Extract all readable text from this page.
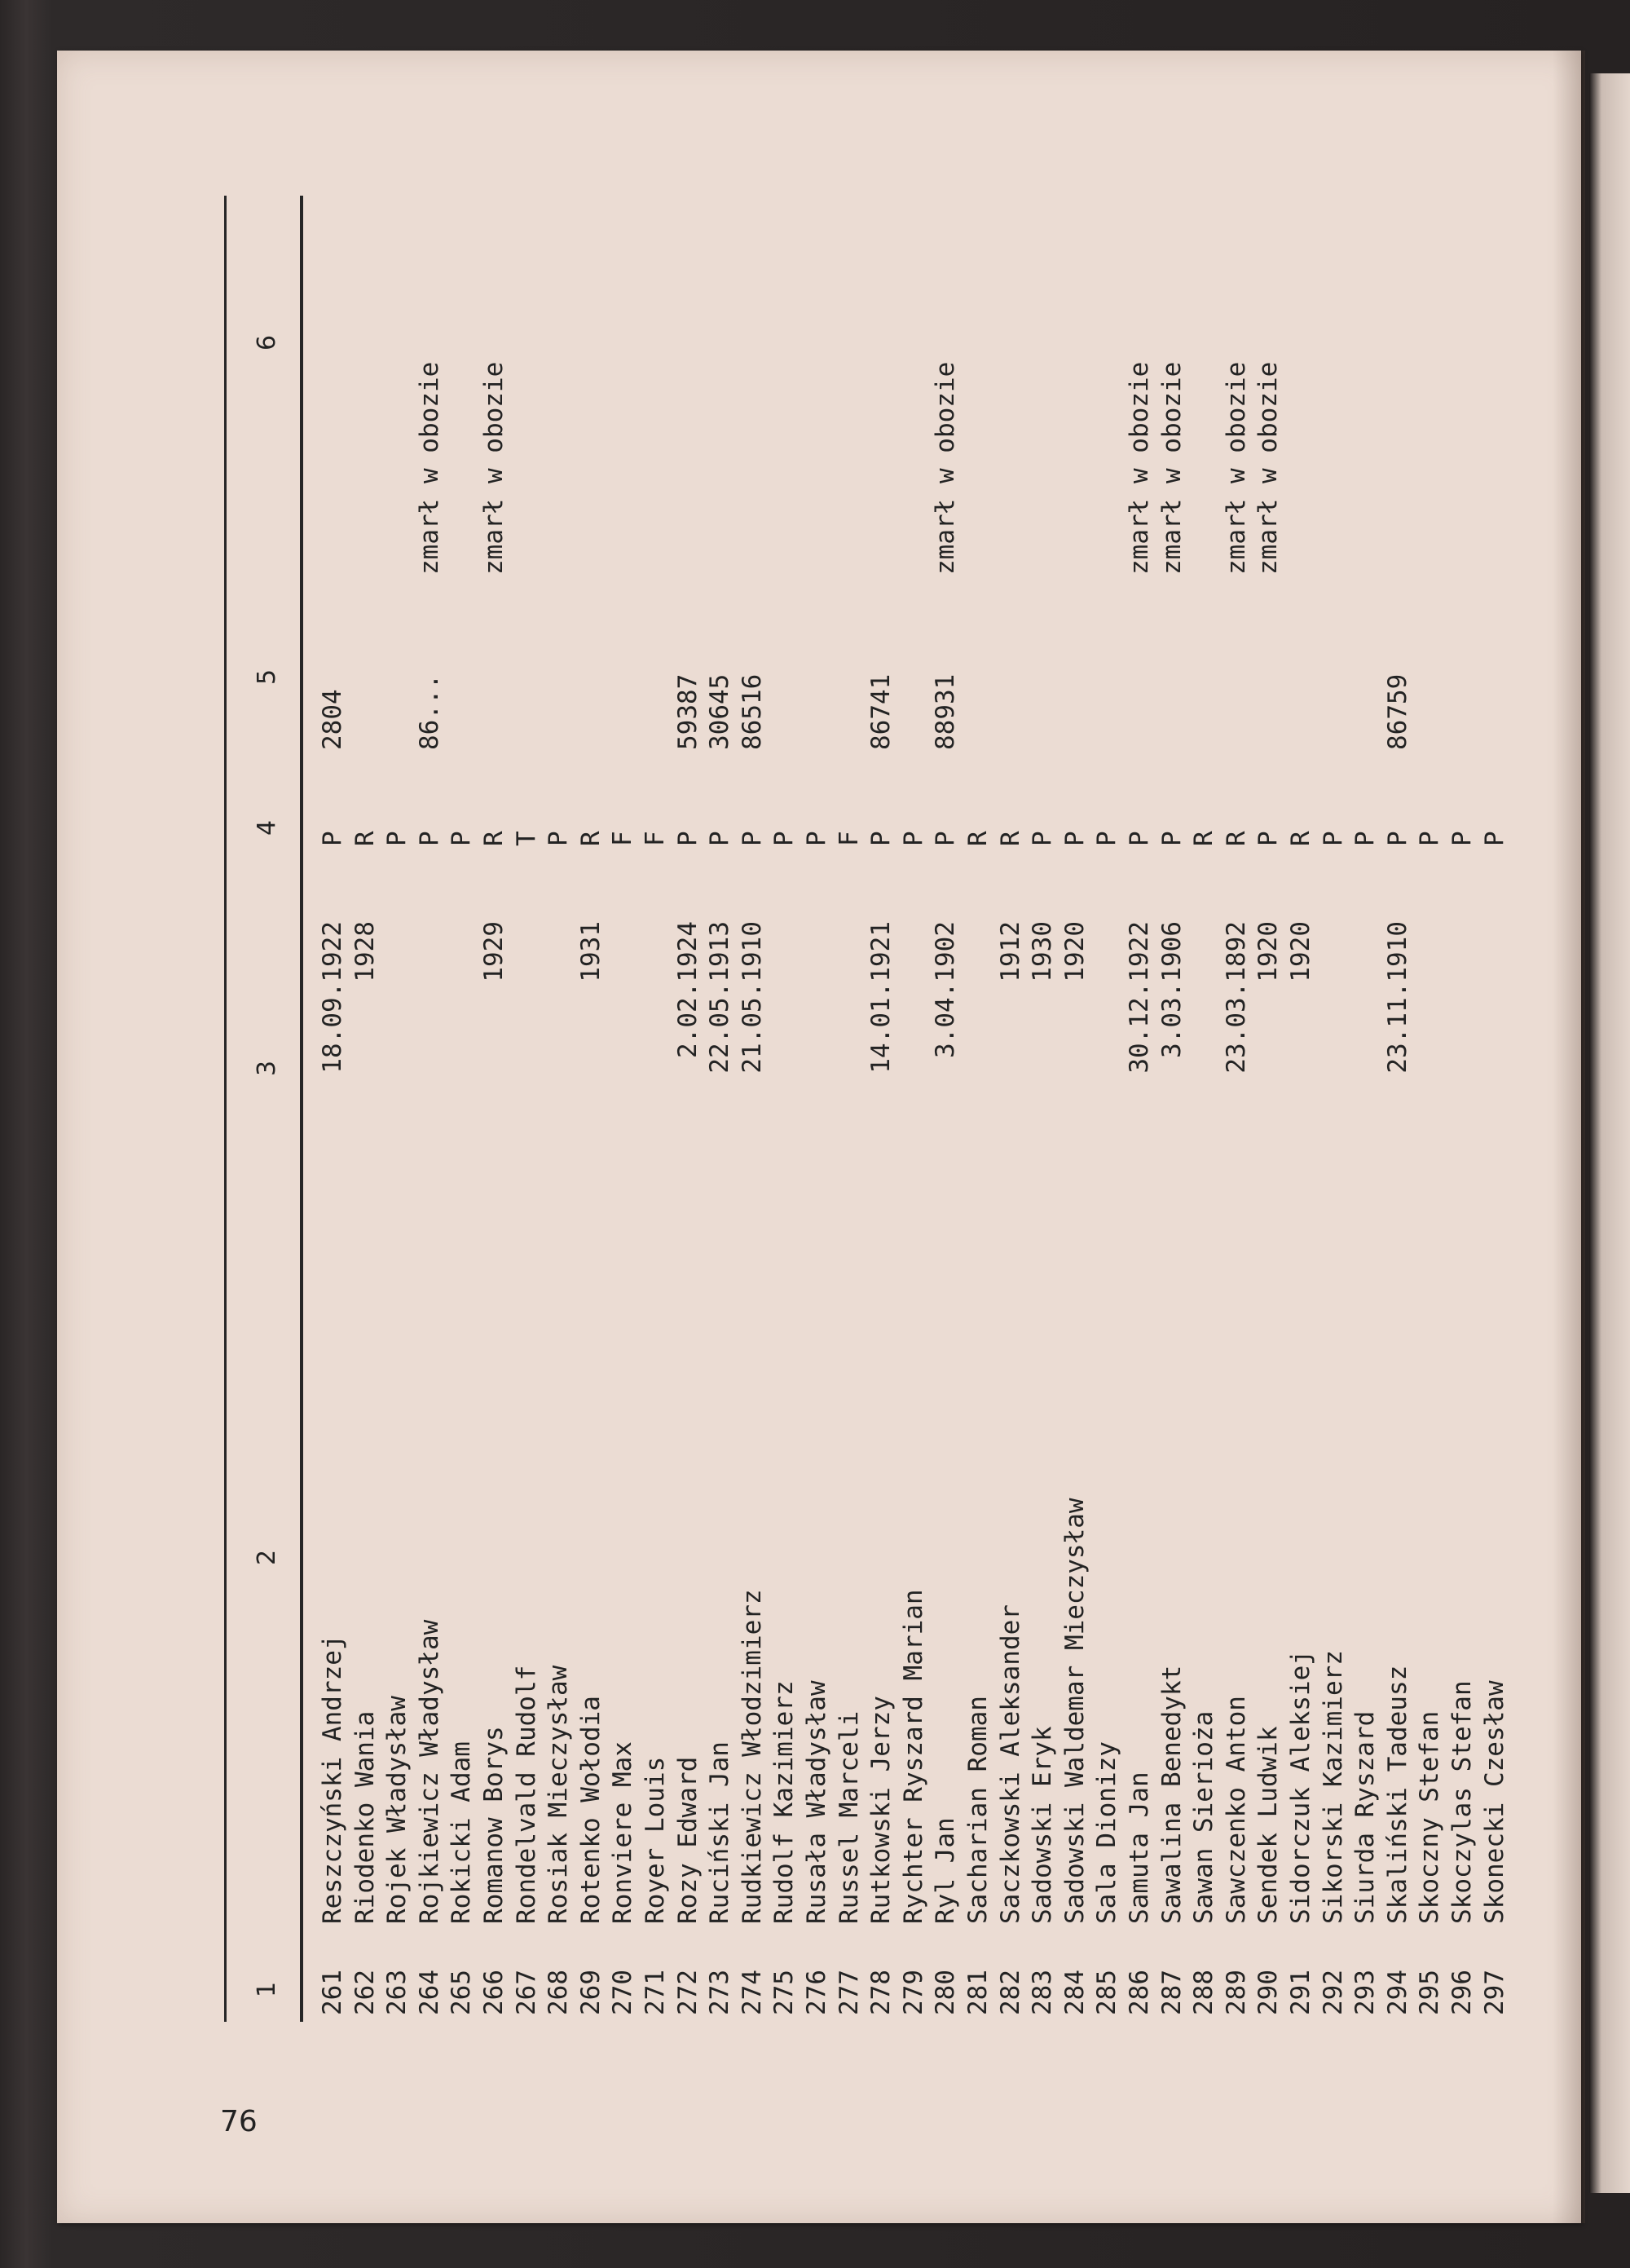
76
1
2
3
4
5
6
261
Reszczyński Andrzej
18.09.1922
P
2804
262
Riodenko Wania
1928
R
263
Rojek Władysław
P
264
Rojkiewicz Władysław
P
86...
zmarł w obozie
265
Rokicki Adam
P
266
Romanow Borys
1929
R
zmarł w obozie
267
Rondelvald Rudolf
T
268
Rosiak Mieczysław
P
269
Rotenko Wołodia
1931
R
270
Ronviere Max
F
271
Royer Louis
F
272
Rozy Edward
2.02.1924
P
59387
273
Ruciński Jan
22.05.1913
P
30645
274
Rudkiewicz Włodzimierz
21.05.1910
P
86516
275
Rudolf Kazimierz
P
276
Rusała Władysław
P
277
Russel Marceli
F
278
Rutkowski Jerzy
14.01.1921
P
86741
279
Rychter Ryszard Marian
P
280
Ryl Jan
3.04.1902
P
88931
zmarł w obozie
281
Sacharian Roman
R
282
Saczkowski Aleksander
1912
R
283
Sadowski Eryk
1930
P
284
Sadowski Waldemar Mieczysław
1920
P
285
Sala Dionizy
P
286
Samuta Jan
30.12.1922
P
zmarł w obozie
287
Sawalina Benedykt
3.03.1906
P
zmarł w obozie
288
Sawan Sierioża
R
289
Sawczenko Anton
23.03.1892
R
zmarł w obozie
290
Sendek Ludwik
1920
P
zmarł w obozie
291
Sidorczuk Aleksiej
1920
R
292
Sikorski Kazimierz
P
293
Siurda Ryszard
P
294
Skaliński Tadeusz
23.11.1910
P
86759
295
Skoczny Stefan
P
296
Skoczylas Stefan
P
297
Skonecki Czesław
P
